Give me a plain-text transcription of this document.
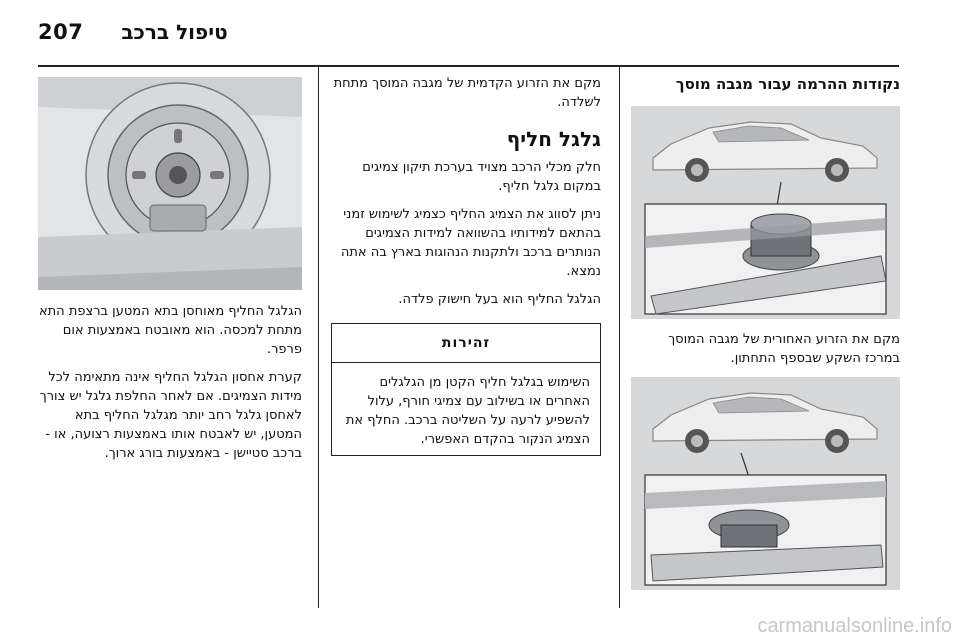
207 טיפול ברכב
נקודות ההרמה עבור מגבה מוסך

מקם את הזרוע האחורית של מגבה המוסך במרכז השקע שבספף התחתון.

מקם את הזרוע הקדמית של מגבה המוסך מתחת לשלדה.

גלגל חליף

חלק מכלי הרכב מצויד בערכת תיקון צמיגים במקום גלגל חליף.

ניתן לסווג את הצמיג החליף כצמיג לשימוש זמני בהתאם למידותיו בהשוואה למידות הצמיגים הנותרים ברכב ולתקנות הנהוגות בארץ בה אתה נמצא.

הגלגל החליף הוא בעל חישוק פלדה.

זהירות
השימוש בגלגל חליף הקטן מן הגלגלים האחרים או בשילוב עם צמיגי חורף, עלול להשפיע לרעה על השליטה ברכב. החלף את הצמיג הנקור בהקדם האפשרי.

הגלגל החליף מאוחסן בתא המטען ברצפת התא מתחת למכסה. הוא מאובטח באמצעות אום פרפר.

קערת אחסון הגלגל החליף אינה מתאימה לכל מידות הצמיגים. אם לאחר החלפת גלגל יש צורך לאחסן גלגל רחב יותר מגלגל החליף בתא המטען, יש לאבטח אותו באמצעות רצועה, או - ברכב סטיישן - באמצעות בורג ארוך.

carmanualsonline.info
